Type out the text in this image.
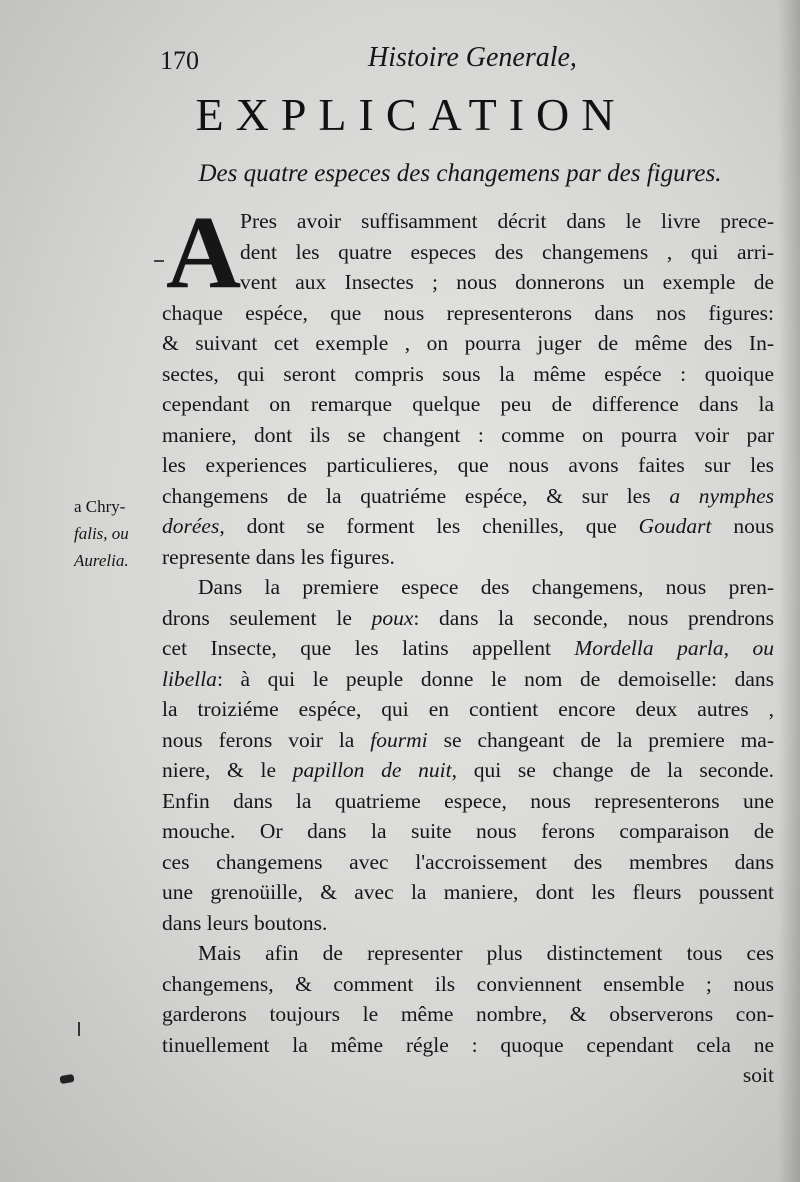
170	Histoire Generale,
EXPLICATION
Des quatre especes des changemens par des figures.
a Chry-
falis, ou
Aurelia.
A
Pres avoir suffisamment décrit dans le livre prece-
dent les quatre especes des changemens , qui arri-
vent aux Insectes ; nous donnerons un exemple de
chaque espéce, que nous representerons dans nos figures:
& suivant cet exemple , on pourra juger de même des In-
sectes, qui seront compris sous la même espéce : quoique
cependant on remarque quelque peu de difference dans la
maniere, dont ils se changent : comme on pourra voir par
les experiences particulieres, que nous avons faites sur les
changemens de la quatriéme espéce, & sur les a nymphes
dorées, dont se forment les chenilles, que Goudart nous
represente dans les figures.
Dans la premiere espece des changemens, nous pren-
drons seulement le poux: dans la seconde, nous prendrons
cet Insecte, que les latins appellent Mordella parla, ou
libella: à qui le peuple donne le nom de demoiselle: dans
la troiziéme espéce, qui en contient encore deux autres ,
nous ferons voir la fourmi se changeant de la premiere ma-
niere, & le papillon de nuit, qui se change de la seconde.
Enfin dans la quatrieme espece, nous representerons une
mouche. Or dans la suite nous ferons comparaison de
ces changemens avec l'accroissement des membres dans
une grenoüille, & avec la maniere, dont les fleurs poussent
dans leurs boutons.
Mais afin de representer plus distinctement tous ces
changemens, & comment ils conviennent ensemble ; nous
garderons toujours le même nombre, & observerons con-
tinuellement la même régle : quoque cependant cela ne
soit
